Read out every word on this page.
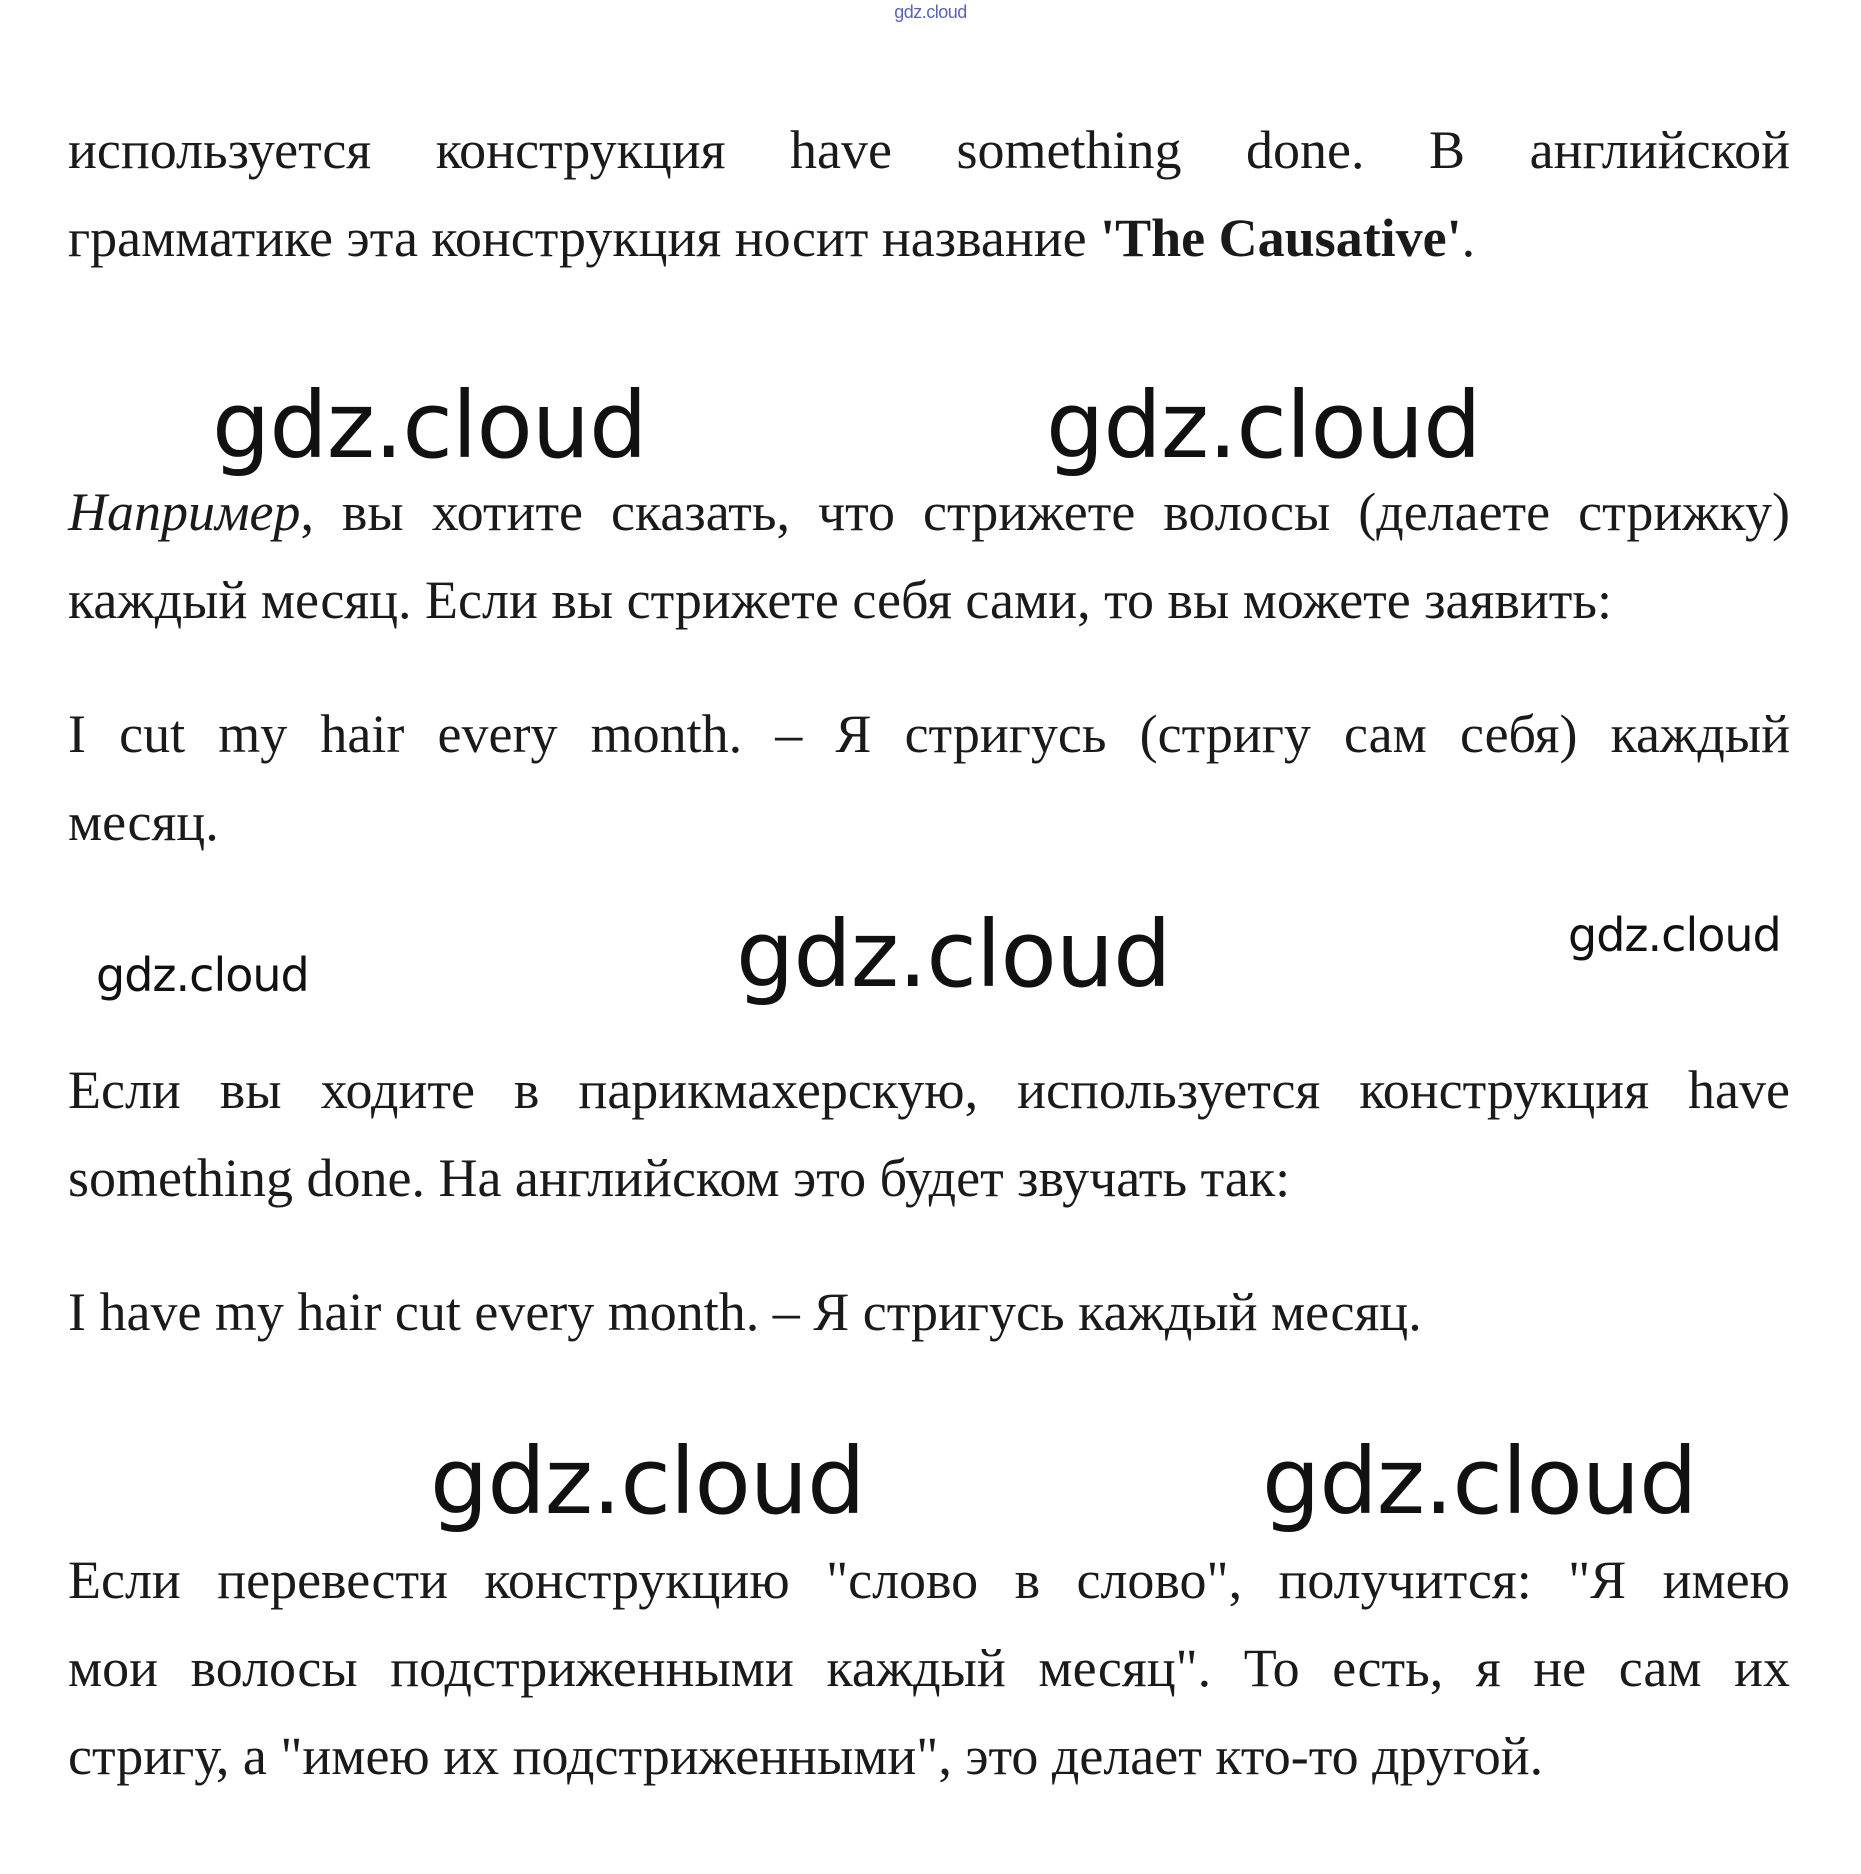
gdz.cloud
используется конструкция have something done. В английской
грамматике эта конструкция носит название 'The Causative'.
gdz.cloud	gdz.cloud
Например, вы хотите сказать, что стрижете волосы (делаете стрижку)
каждый месяц. Если вы стрижете себя сами, то вы можете заявить:
I cut my hair every month. – Я стригусь (стригу сам себя) каждый
месяц.
gdz.cloud	gdz.cloud
gdz.cloud
Если вы ходите в парикмахерскую, используется конструкция have
something done. На английском это будет звучать так:
I have my hair cut every month. – Я стригусь каждый месяц.
gdz.cloud	gdz.cloud
Если перевести конструкцию "слово в слово", получится: "Я имею
мои волосы подстриженными каждый месяц". То есть, я не сам их
стригу, а "имею их подстриженными", это делает кто-то другой.
